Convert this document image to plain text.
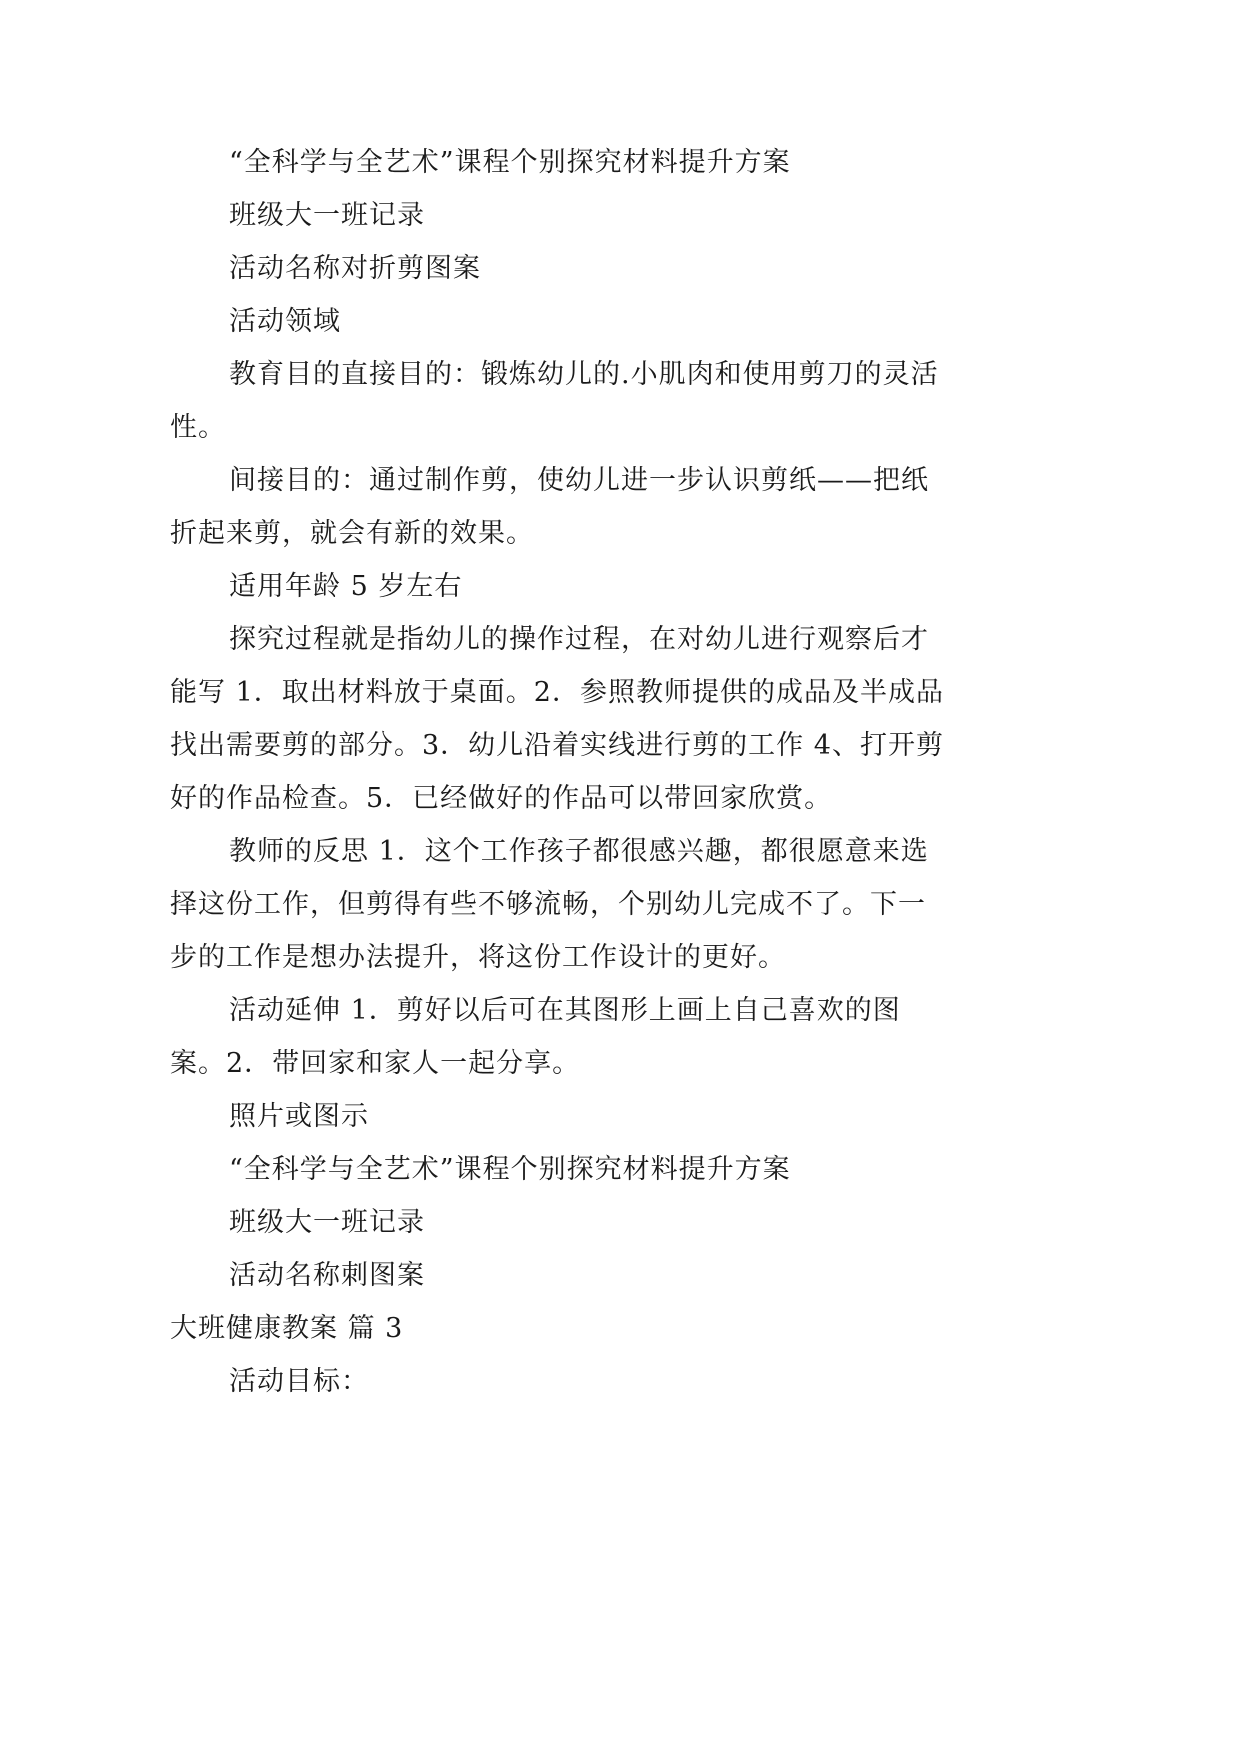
“全科学与全艺术”课程个别探究材料提升方案

班级大一班记录

活动名称对折剪图案

活动领域

教育目的直接目的：锻炼幼儿的.小肌肉和使用剪刀的灵活性。

间接目的：通过制作剪，使幼儿进一步认识剪纸——把纸折起来剪，就会有新的效果。

适用年龄 5 岁左右

探究过程就是指幼儿的操作过程，在对幼儿进行观察后才能写 1．取出材料放于桌面。2．参照教师提供的成品及半成品找出需要剪的部分。3．幼儿沿着实线进行剪的工作 4、打开剪好的作品检查。5．已经做好的作品可以带回家欣赏。

教师的反思 1．这个工作孩子都很感兴趣，都很愿意来选择这份工作，但剪得有些不够流畅，个别幼儿完成不了。下一步的工作是想办法提升，将这份工作设计的更好。

活动延伸 1．剪好以后可在其图形上画上自己喜欢的图案。2．带回家和家人一起分享。

照片或图示

“全科学与全艺术”课程个别探究材料提升方案

班级大一班记录

活动名称刺图案

大班健康教案 篇 3

活动目标：
